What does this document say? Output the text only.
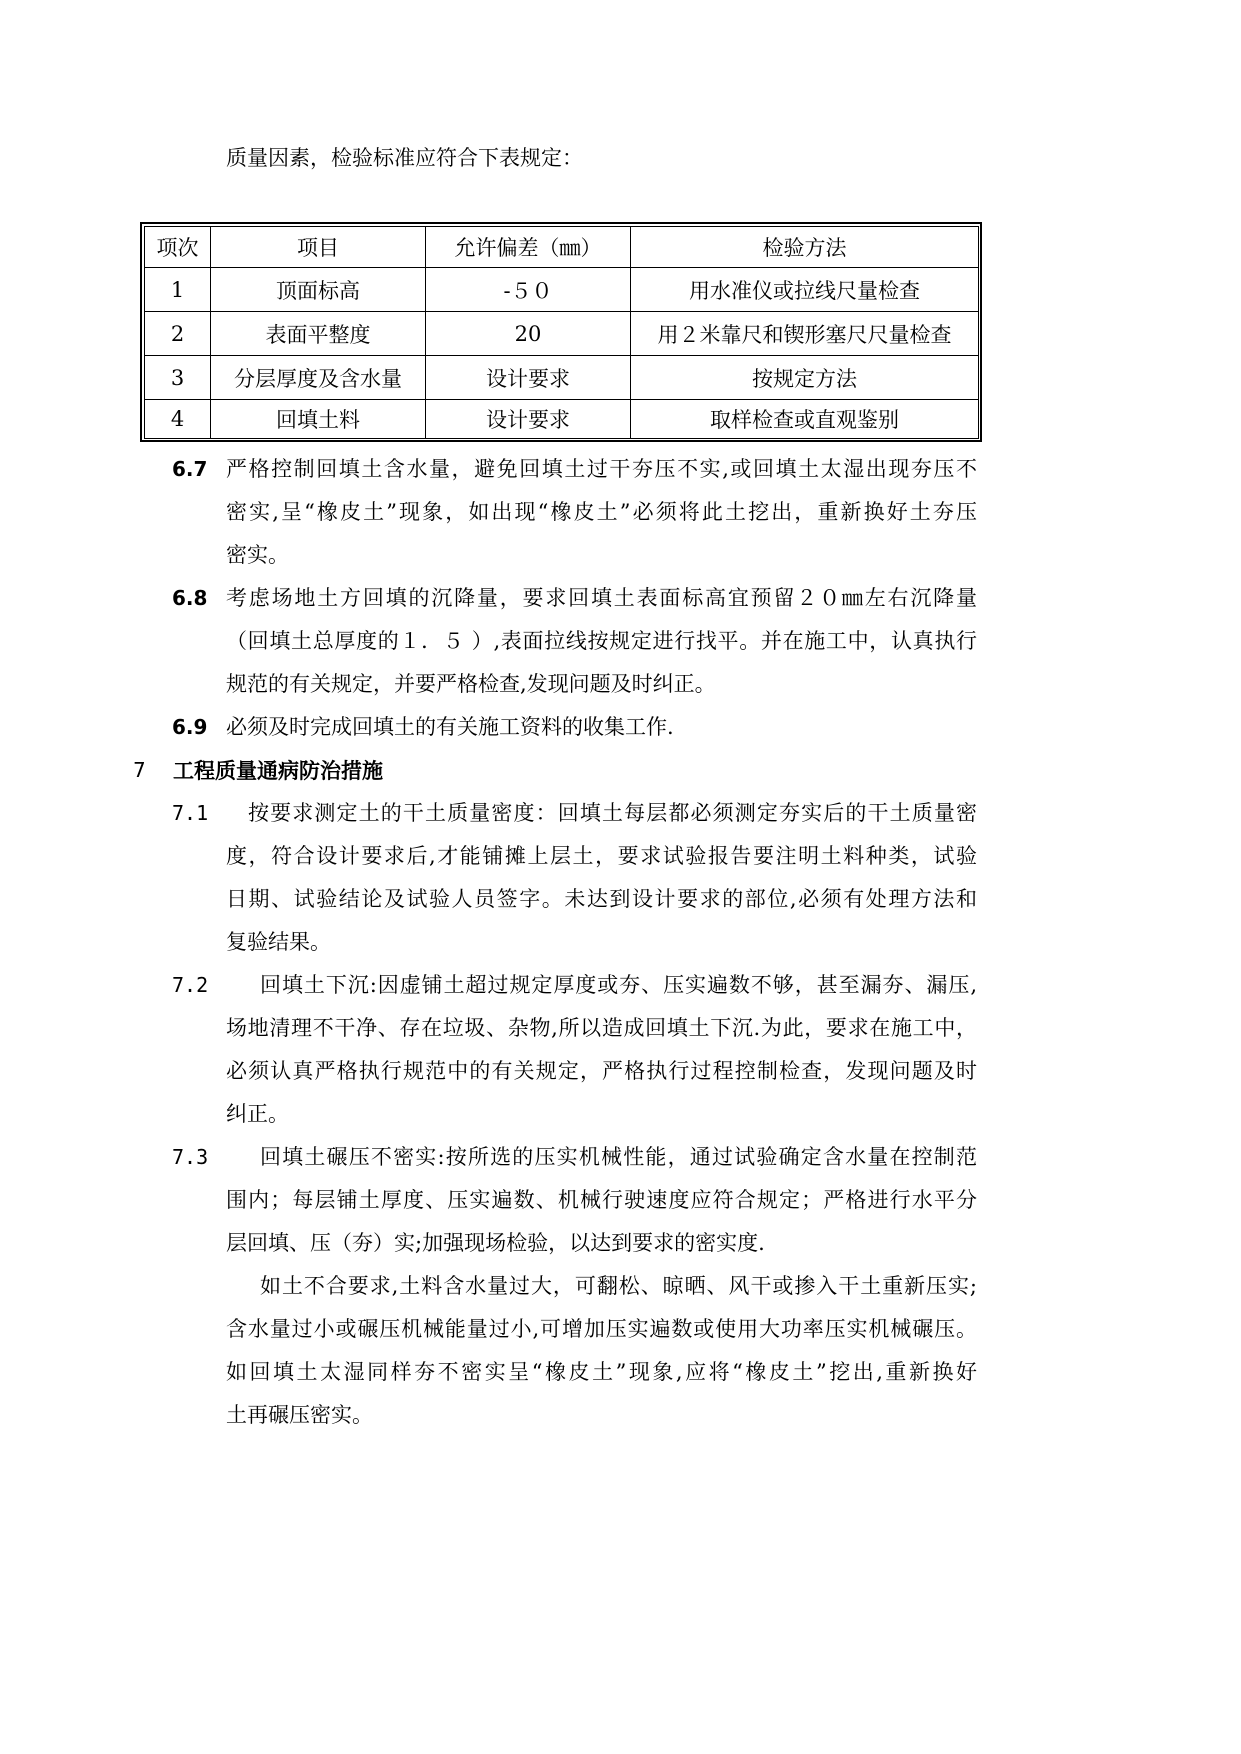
质量因素，检验标准应符合下表规定：
项次	项目	允许偏差（㎜）	检验方法
1	顶面标高	-５０	用水准仪或拉线尺量检查
2	表面平整度	20	用２米靠尺和锲形塞尺尺量检查
3	分层厚度及含水量	设计要求	按规定方法
4	回填土料	设计要求	取样检查或直观鉴别
6.7 严格控制回填土含水量，避免回填土过干夯压不实,或回填土太湿出现夯压不
密实,呈“橡皮土”现象，如出现“橡皮土”必须将此土挖出，重新换好土夯压
密实。
6.8 考虑场地土方回填的沉降量，要求回填土表面标高宜预留２０㎜左右沉降量
（回填土总厚度的１．５ ）,表面拉线按规定进行找平。并在施工中，认真执行
规范的有关规定，并要严格检查,发现问题及时纠正。
6.9 必须及时完成回填土的有关施工资料的收集工作.
7 工程质量通病防治措施
7.1 按要求测定土的干土质量密度：回填土每层都必须测定夯实后的干土质量密
度，符合设计要求后,才能铺摊上层土，要求试验报告要注明土料种类，试验
日期、试验结论及试验人员签字。未达到设计要求的部位,必须有处理方法和
复验结果。
7.2 回填土下沉:因虚铺土超过规定厚度或夯、压实遍数不够，甚至漏夯、漏压,
场地清理不干净、存在垃圾、杂物,所以造成回填土下沉.为此，要求在施工中，
必须认真严格执行规范中的有关规定，严格执行过程控制检查，发现问题及时
纠正。
7.3 回填土碾压不密实:按所选的压实机械性能，通过试验确定含水量在控制范
围内；每层铺土厚度、压实遍数、机械行驶速度应符合规定；严格进行水平分
层回填、压（夯）实;加强现场检验，以达到要求的密实度.
如土不合要求,土料含水量过大，可翻松、晾晒、风干或掺入干土重新压实;
含水量过小或碾压机械能量过小,可增加压实遍数或使用大功率压实机械碾压。
如回填土太湿同样夯不密实呈“橡皮土”现象,应将“橡皮土”挖出,重新换好
土再碾压密实。
